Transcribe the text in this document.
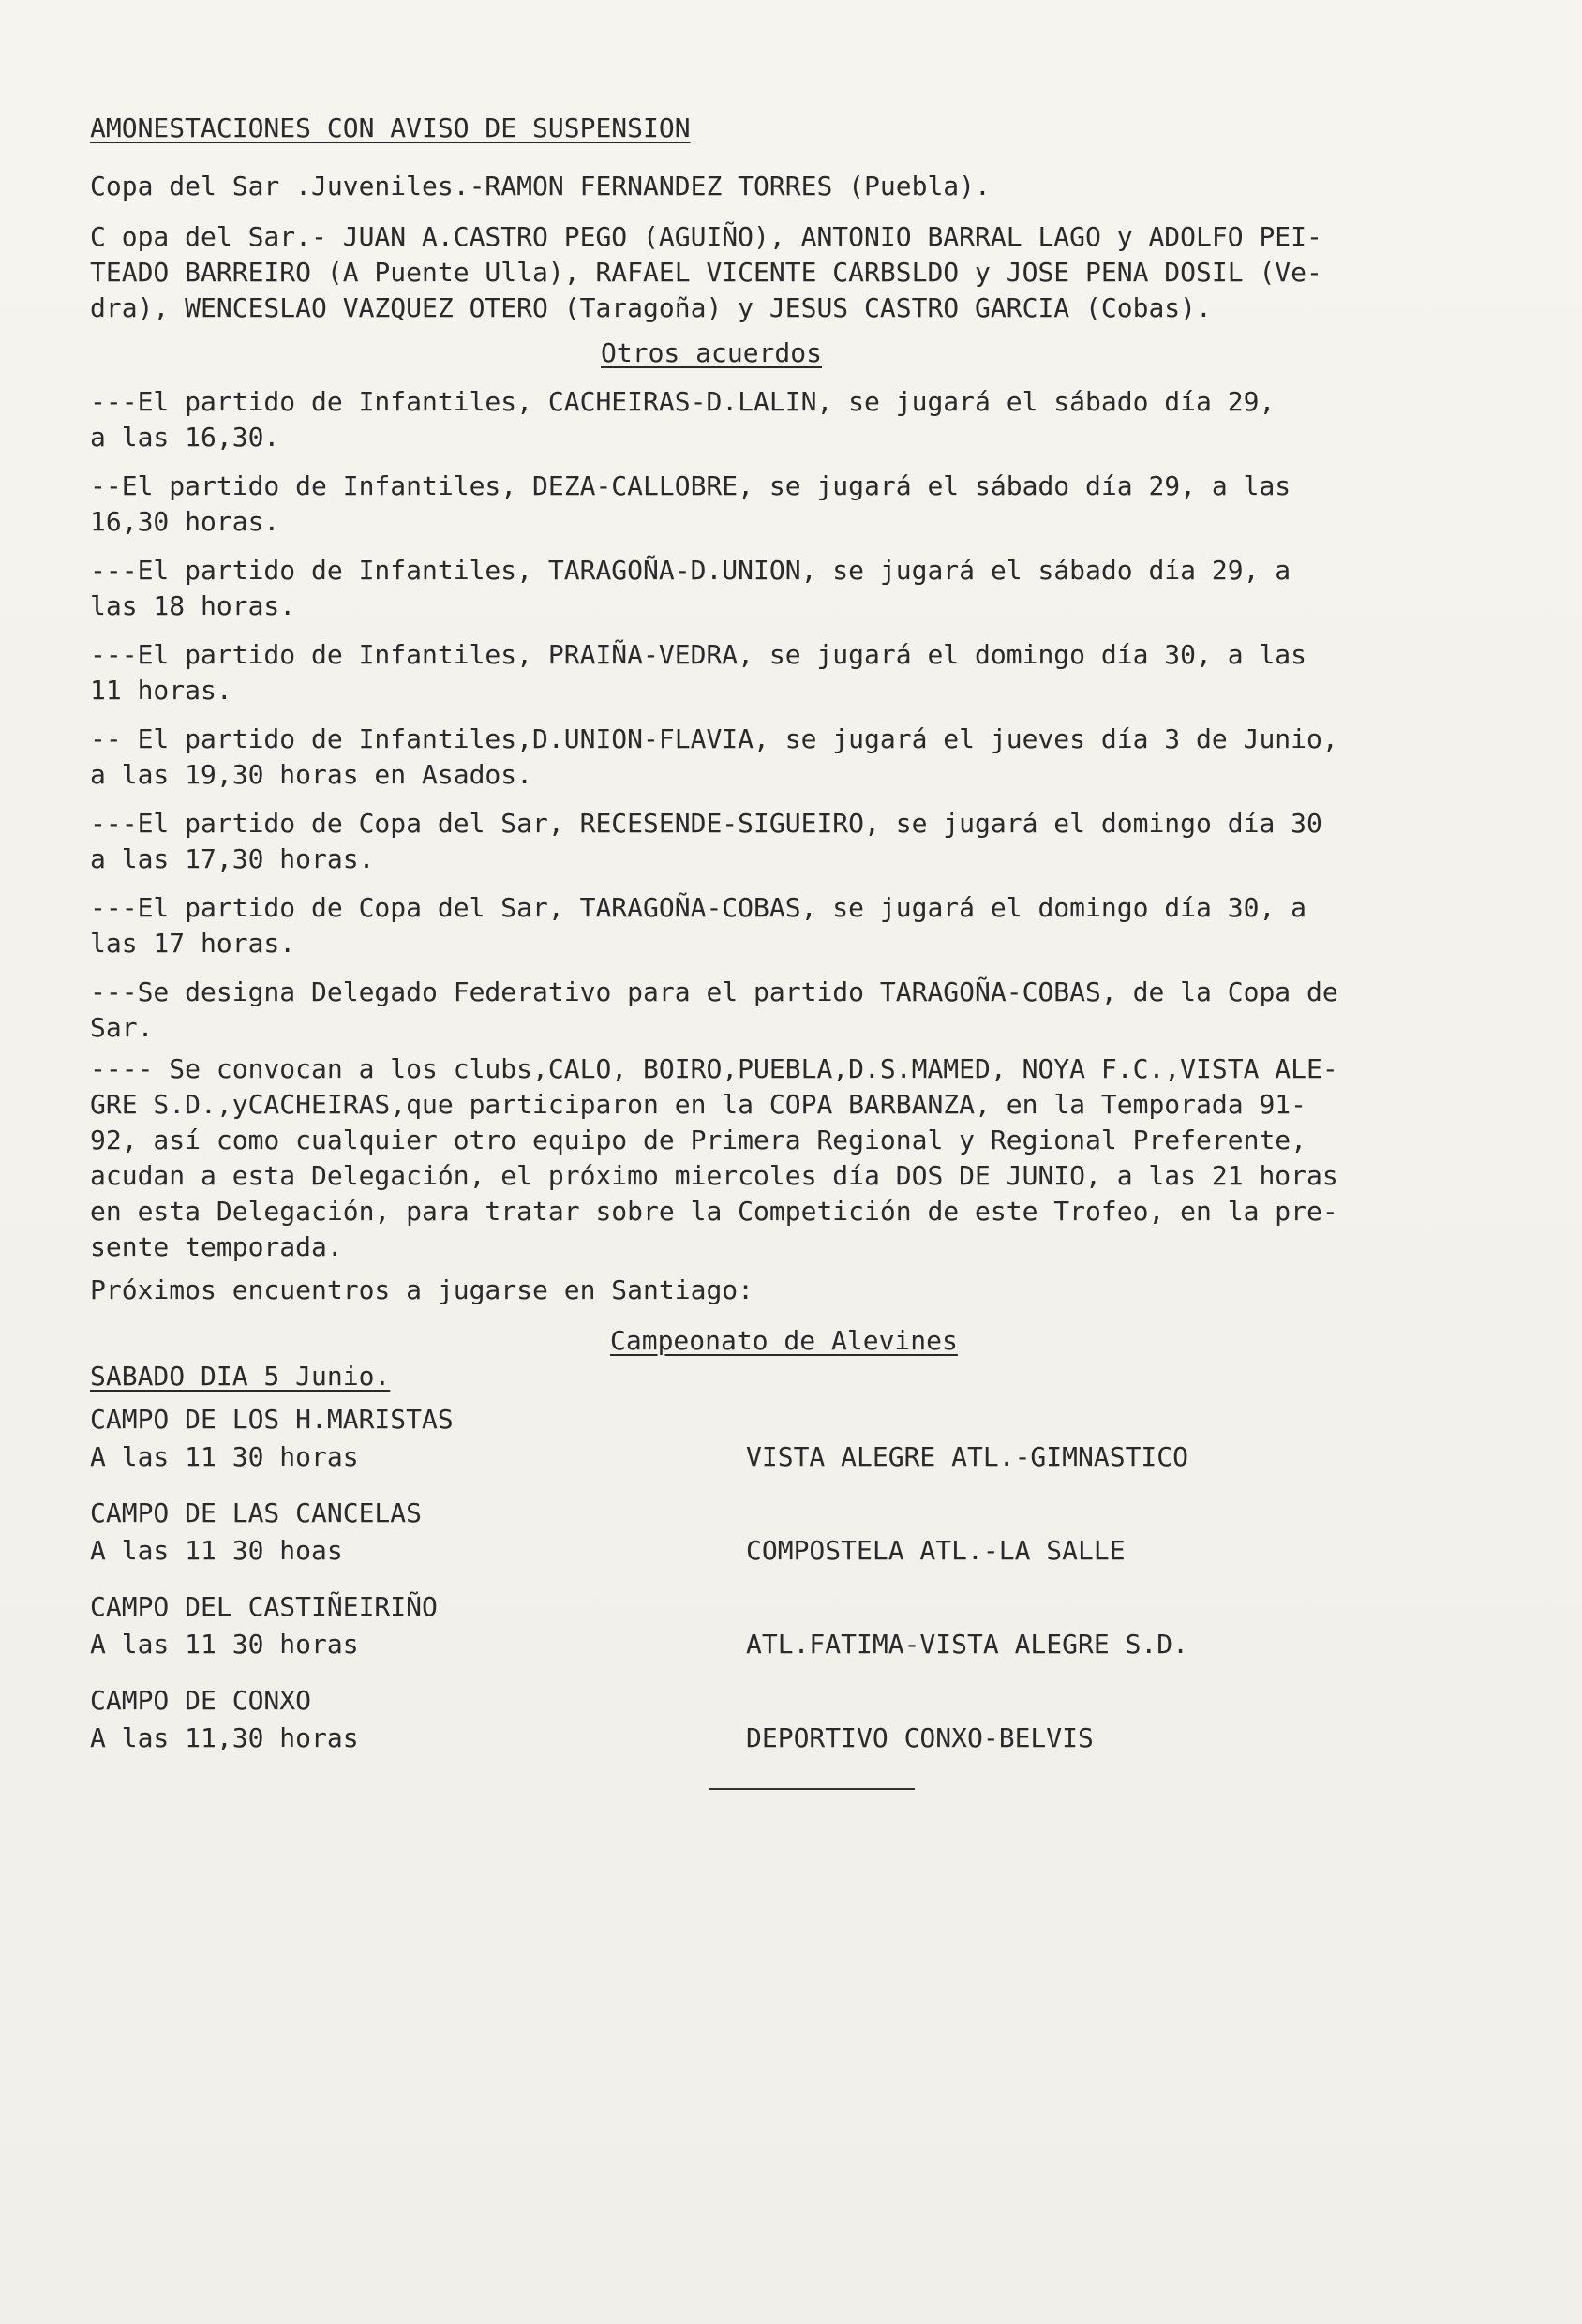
AMONESTACIONES CON AVISO DE SUSPENSION
Copa del Sar .Juveniles.-RAMON FERNANDEZ TORRES (Puebla).
C opa del Sar.- JUAN A.CASTRO PEGO (AGUIÑO), ANTONIO BARRAL LAGO y ADOLFO PEI-
TEADO BARREIRO (A Puente Ulla), RAFAEL VICENTE CARBSLDO y JOSE PENA DOSIL (Ve-
dra), WENCESLAO VAZQUEZ OTERO (Taragoña) y JESUS CASTRO GARCIA (Cobas).
Otros acuerdos
---El partido de Infantiles, CACHEIRAS-D.LALIN, se jugará el sábado día 29,
a las 16,30.
--El partido de Infantiles, DEZA-CALLOBRE, se jugará el sábado día 29, a las
16,30 horas.
---El partido de Infantiles, TARAGOÑA-D.UNION, se jugará el sábado día 29, a
las 18 horas.
---El partido de Infantiles, PRAIÑA-VEDRA, se jugará el domingo día 30, a las
11 horas.
-- El partido de Infantiles,D.UNION-FLAVIA, se jugará el jueves día 3 de Junio,
a las 19,30 horas en Asados.
---El partido de Copa del Sar, RECESENDE-SIGUEIRO, se jugará el domingo día 30
a las 17,30 horas.
---El partido de Copa del Sar, TARAGOÑA-COBAS, se jugará el domingo día 30, a
las 17 horas.
---Se designa Delegado Federativo para el partido TARAGOÑA-COBAS, de la Copa de
Sar.
---- Se convocan a los clubs,CALO, BOIRO,PUEBLA,D.S.MAMED, NOYA F.C.,VISTA ALE-
GRE S.D.,yCACHEIRAS,que participaron en la COPA BARBANZA, en la Temporada 91-
92, así como cualquier otro equipo de Primera Regional y Regional Preferente,
acudan a esta Delegación, el próximo miercoles día DOS DE JUNIO, a las 21 horas
en esta Delegación, para tratar sobre la Competición de este Trofeo, en la pre-
sente temporada.
Próximos encuentros a jugarse en Santiago:
Campeonato de Alevines
SABADO DIA 5 Junio.
CAMPO DE LOS H.MARISTAS
A las 11 30 horas	VISTA ALEGRE ATL.-GIMNASTICO
CAMPO DE LAS CANCELAS
A las 11 30 hoas	COMPOSTELA ATL.-LA SALLE
CAMPO DEL CASTIÑEIRIÑO
A las 11 30 horas	ATL.FATIMA-VISTA ALEGRE S.D.
CAMPO DE CONXO
A las 11,30 horas	DEPORTIVO CONXO-BELVIS
